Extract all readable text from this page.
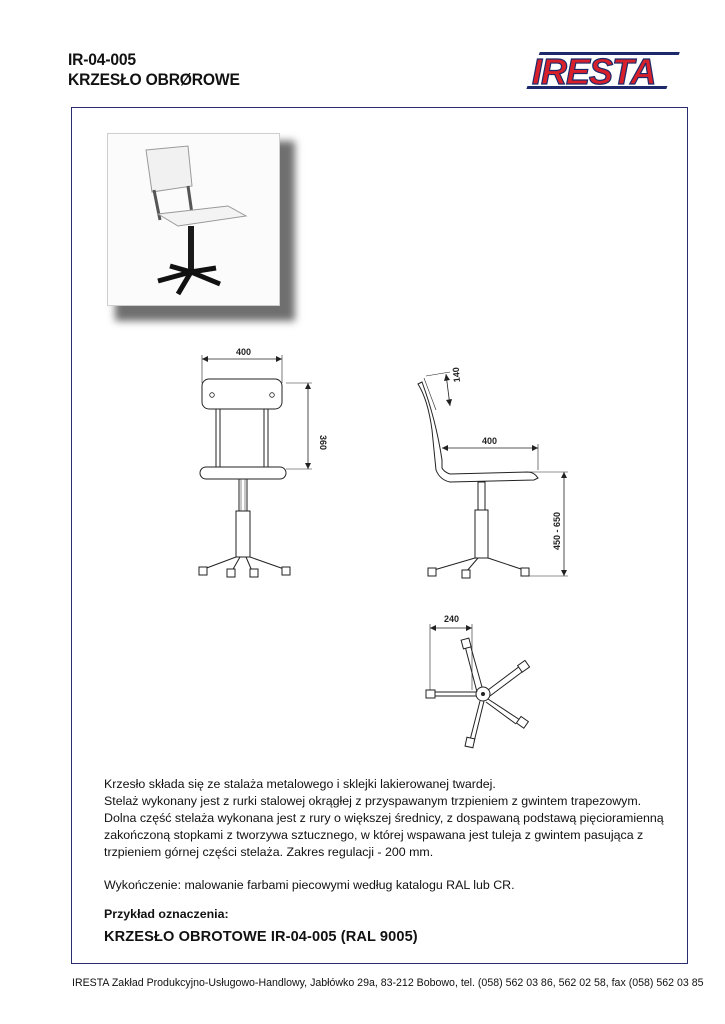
IR-04-005
KRZESŁO OBRØROWE	IRESTA
400
360
140
400
450 - 650
240

Krzesło składa się ze stalaża metalowego i sklejki lakierowanej twardej.

Stelaż wykonany jest z rurki stalowej okrągłej z przyspawanym trzpieniem z gwintem trapezowym.

Dolna część stelaża wykonana jest z rury o większej średnicy, z dospawaną podstawą pięcioramienną

zakończoną stopkami z tworzywa sztucznego, w której wspawana jest tuleja z gwintem pasująca z

trzpieniem górnej części stelaża. Zakres regulacji - 200 mm.

Wykończenie: malowanie farbami piecowymi według katalogu RAL lub CR.
Przykład oznaczenia:
KRZESŁO OBROTOWE IR-04-005 (RAL 9005)
IRESTA Zakład Produkcyjno-Usługowo-Handlowy, Jabłówko 29a, 83-212 Bobowo, tel. (058) 562 03 86, 562 02 58, fax (058) 562 03 85
